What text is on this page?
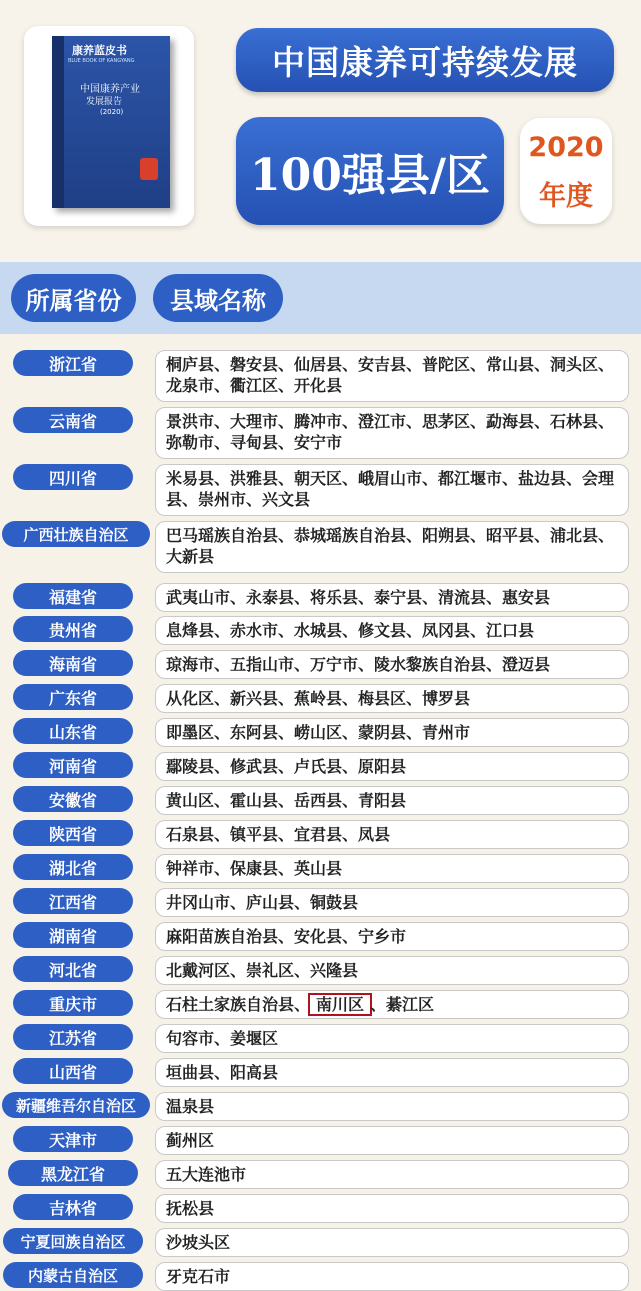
康养蓝皮书
BLUE BOOK OF KANGYANG
中国康养产业
发展报告
(2020)
中国康养可持续发展
100强县/区
2020
年度
所属省份	县域名称
浙江省	桐庐县、磐安县、仙居县、安吉县、普陀区、常山县、洞头区、龙泉市、衢江区、开化县
云南省	景洪市、大理市、腾冲市、澄江市、思茅区、勐海县、石林县、弥勒市、寻甸县、安宁市
四川省	米易县、洪雅县、朝天区、峨眉山市、都江堰市、盐边县、会理县、崇州市、兴文县
广西壮族自治区	巴马瑶族自治县、恭城瑶族自治县、阳朔县、昭平县、浦北县、大新县
福建省	武夷山市、永泰县、将乐县、泰宁县、清流县、惠安县
贵州省	息烽县、赤水市、水城县、修文县、凤冈县、江口县
海南省	琼海市、五指山市、万宁市、陵水黎族自治县、澄迈县
广东省	从化区、新兴县、蕉岭县、梅县区、博罗县
山东省	即墨区、东阿县、崂山区、蒙阴县、青州市
河南省	鄢陵县、修武县、卢氏县、原阳县
安徽省	黄山区、霍山县、岳西县、青阳县
陕西省	石泉县、镇平县、宜君县、凤县
湖北省	钟祥市、保康县、英山县
江西省	井冈山市、庐山县、铜鼓县
湖南省	麻阳苗族自治县、安化县、宁乡市
河北省	北戴河区、崇礼区、兴隆县
重庆市	石柱土家族自治县、 南川区 、綦江区
江苏省	句容市、姜堰区
山西省	垣曲县、阳高县
新疆维吾尔自治区	温泉县
天津市	蓟州区
黑龙江省	五大连池市
吉林省	抚松县
宁夏回族自治区	沙坡头区
内蒙古自治区	牙克石市
